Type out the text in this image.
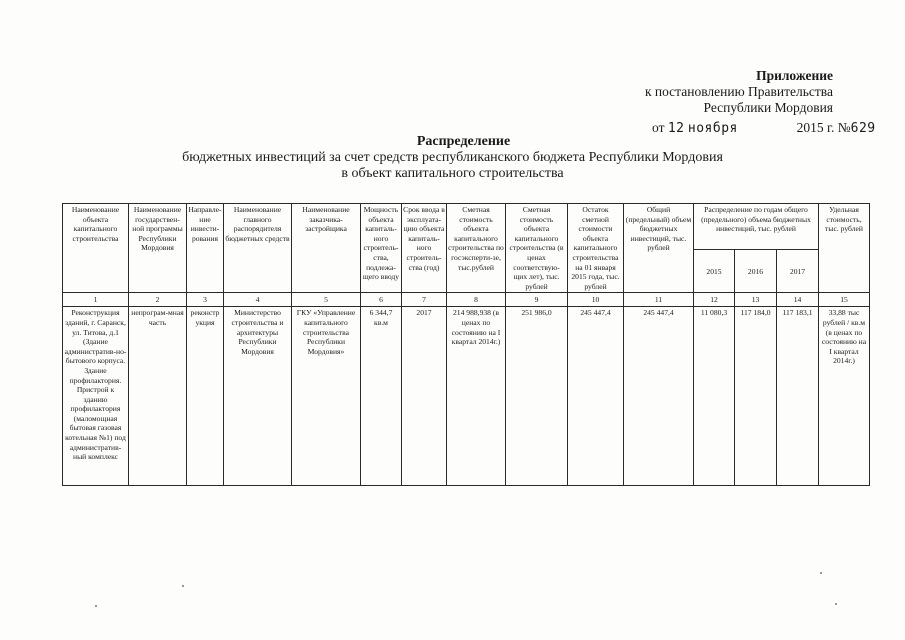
Приложение
к постановлению Правительства
Республики Мордовия
от 12 ноября	2015 г. №629
Распределение
бюджетных инвестиций за счет средств республиканского бюджета Республики Мордовия
в объект капитального строительства
Наименование объекта капитального строительства	Наименование государствен-ной программы Республики Мордовия	Направле-ние инвести-рования	Наименование главного распорядителя бюджетных средств	Наименование заказчика-застройщика	Мощность объекта капиталь-ного строитель-ства, подлежа-щего вводу	Срок ввода в эксплуата-цию объекта капиталь-ного строитель-ства (год)	Сметная стоимость объекта капитального строительства по госэксперти-зе, тыс.рублей	Сметная стоимость объекта капитального строительства (в ценах соответствую-щих лет), тыс. рублей	Остаток сметной стоимости объекта капитального строительства на 01 января 2015 года, тыс. рублей	Общий (предельный) объем бюджетных инвестиций, тыс. рублей	Распределение по годам общего (предельного) объема бюджетных инвестиций, тыс. рублей			Удельная стоимость, тыс. рублей
											2015	2016	2017	
1	2	3	4	5	6	7	8	9	10	11	12	13	14	15
Реконструкция зданий, г. Саранск, ул. Титова, д.1 (Здание административ-но-бытового корпуса. Здание профилактория. Пристрой к зданию профилактория (маломощная бытовая газовая котельная №1) под административ-ный комплекс	непрограм-мная часть	реконстр укция	Министерство строительства и архитектуры Республики Мордовия	ГКУ «Управление капитального строительства Республики Мордовия»	6 344,7 кв.м	2017	214 988,938 (в ценах по состоянию на I квартал 2014г.)	251 986,0	245 447,4	245 447,4	11 080,3	117 184,0	117 183,1	33,88 тыс рублей / кв.м (в ценах по состоянию на I квартал 2014г.)
